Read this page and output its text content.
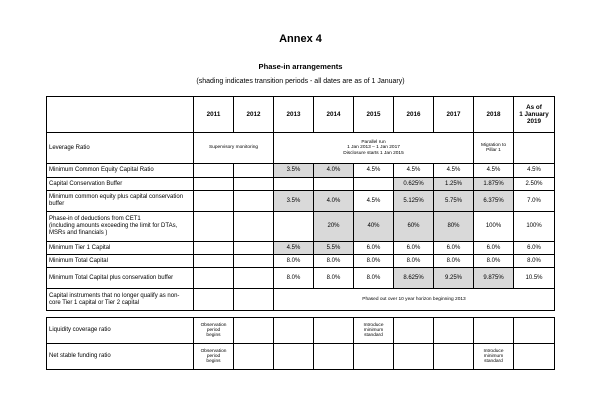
Annex 4
Phase-in arrangements
(shading indicates transition periods - all dates are as of 1 January)
	2011	2012	2013	2014	2015	2016	2017	2018	As of
1 January
2019
Leverage Ratio	Supervisory monitoring		Parallel run
1 Jan 2013 – 1 Jan 2017
Disclosure starts 1 Jan 2015					Migration to
Pillar 1	
Minimum Common Equity Capital Ratio			3.5%	4.0%	4.5%	4.5%	4.5%	4.5%	4.5%
Capital Conservation Buffer						0.625%	1.25%	1.875%	2.50%
Minimum common equity plus capital conservation buffer			3.5%	4.0%	4.5%	5.125%	5.75%	6.375%	7.0%
Phase-in of deductions from CET1
(including amounts exceeding the limit for DTAs, MSRs and financials )				20%	40%	60%	80%	100%	100%
Minimum Tier 1 Capital			4.5%	5.5%	6.0%	6.0%	6.0%	6.0%	6.0%
Minimum Total Capital			8.0%	8.0%	8.0%	8.0%	8.0%	8.0%	8.0%
Minimum Total Capital plus conservation buffer			8.0%	8.0%	8.0%	8.625%	9.25%	9.875%	10.5%
Capital instruments that no longer qualify as non-core Tier 1 capital or Tier 2 capital			Phased out over 10 year horizon beginning 2013						

Liquidity coverage ratio	Observation
period
begins				Introduce
minimum
standard				
Net stable funding ratio	Observation
period
begins							Introduce
minimum
standard	
